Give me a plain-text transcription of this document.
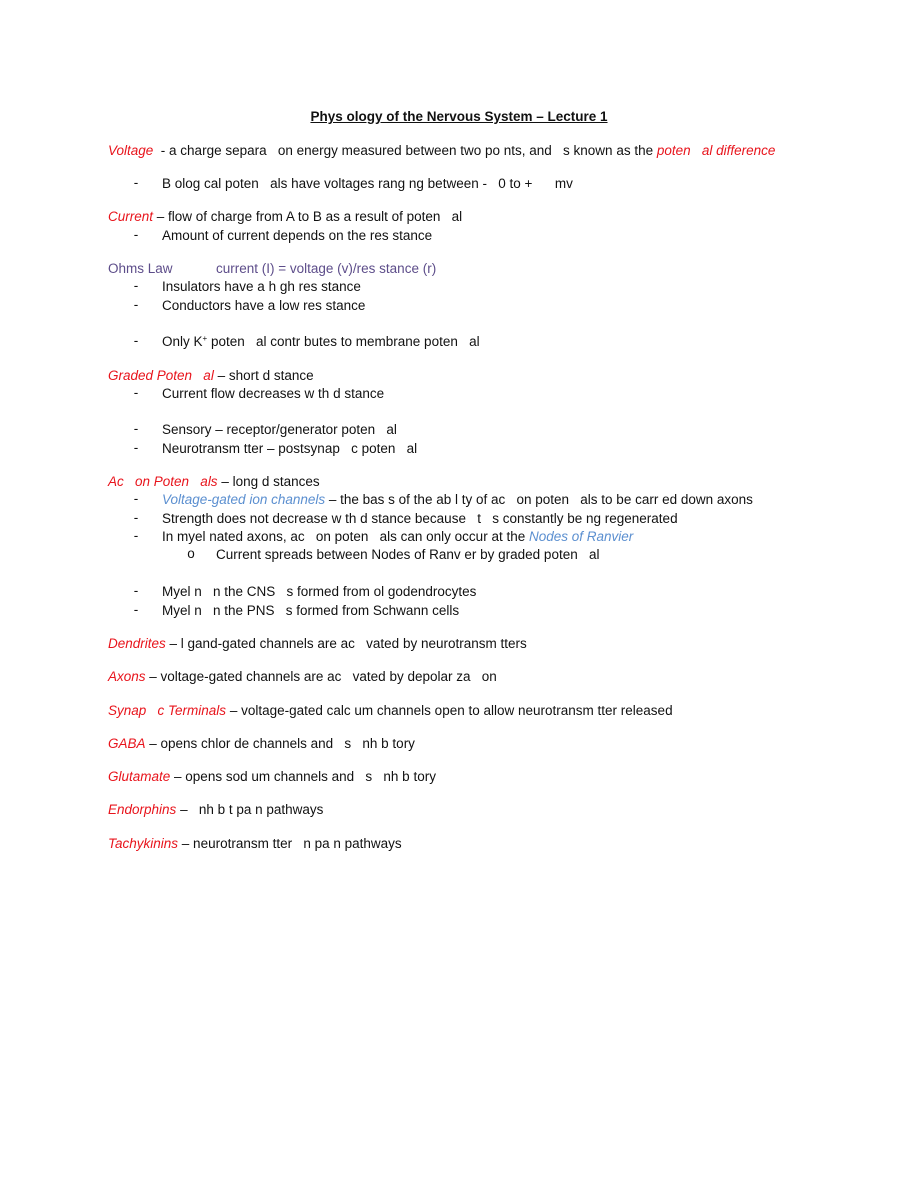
Phys ology of the Nervous System – Lecture 1
Voltage  - a charge separa   on energy measured between two po nts, and   s known as the poten   al difference
- B olog cal poten   als have voltages rang ng between -   0 to +      mv
Current – flow of charge from A to B as a result of poten   al
- Amount of current depends on the res stance
Ohms Law	current (I) = voltage (v)/res stance (r)
- Insulators have a h gh res stance
- Conductors have a low res stance
- Only K+ poten   al contr butes to membrane poten   al
Graded Poten   al – short d stance
- Current flow decreases w th d stance
- Sensory – receptor/generator poten   al
- Neurotransm tter – postsynap   c poten   al
Ac   on Poten   als – long d stances
- Voltage-gated ion channels – the bas s of the ab l ty of ac   on poten   als to be carr ed down axons
- Strength does not decrease w th d stance because   t   s constantly be ng regenerated
- In myel nated axons, ac   on poten   als can only occur at the Nodes of Ranvier
o Current spreads between Nodes of Ranv er by graded poten   al
- Myel n   n the CNS   s formed from ol godendrocytes
- Myel n   n the PNS   s formed from Schwann cells
Dendrites – l gand-gated channels are ac   vated by neurotransm tters
Axons – voltage-gated channels are ac   vated by depolar za   on
Synap   c Terminals – voltage-gated calc um channels open to allow neurotransm tter released
GABA – opens chlor de channels and   s   nh b tory
Glutamate – opens sod um channels and   s   nh b tory
Endorphins –   nh b t pa n pathways
Tachykinins – neurotransm tter   n pa n pathways
